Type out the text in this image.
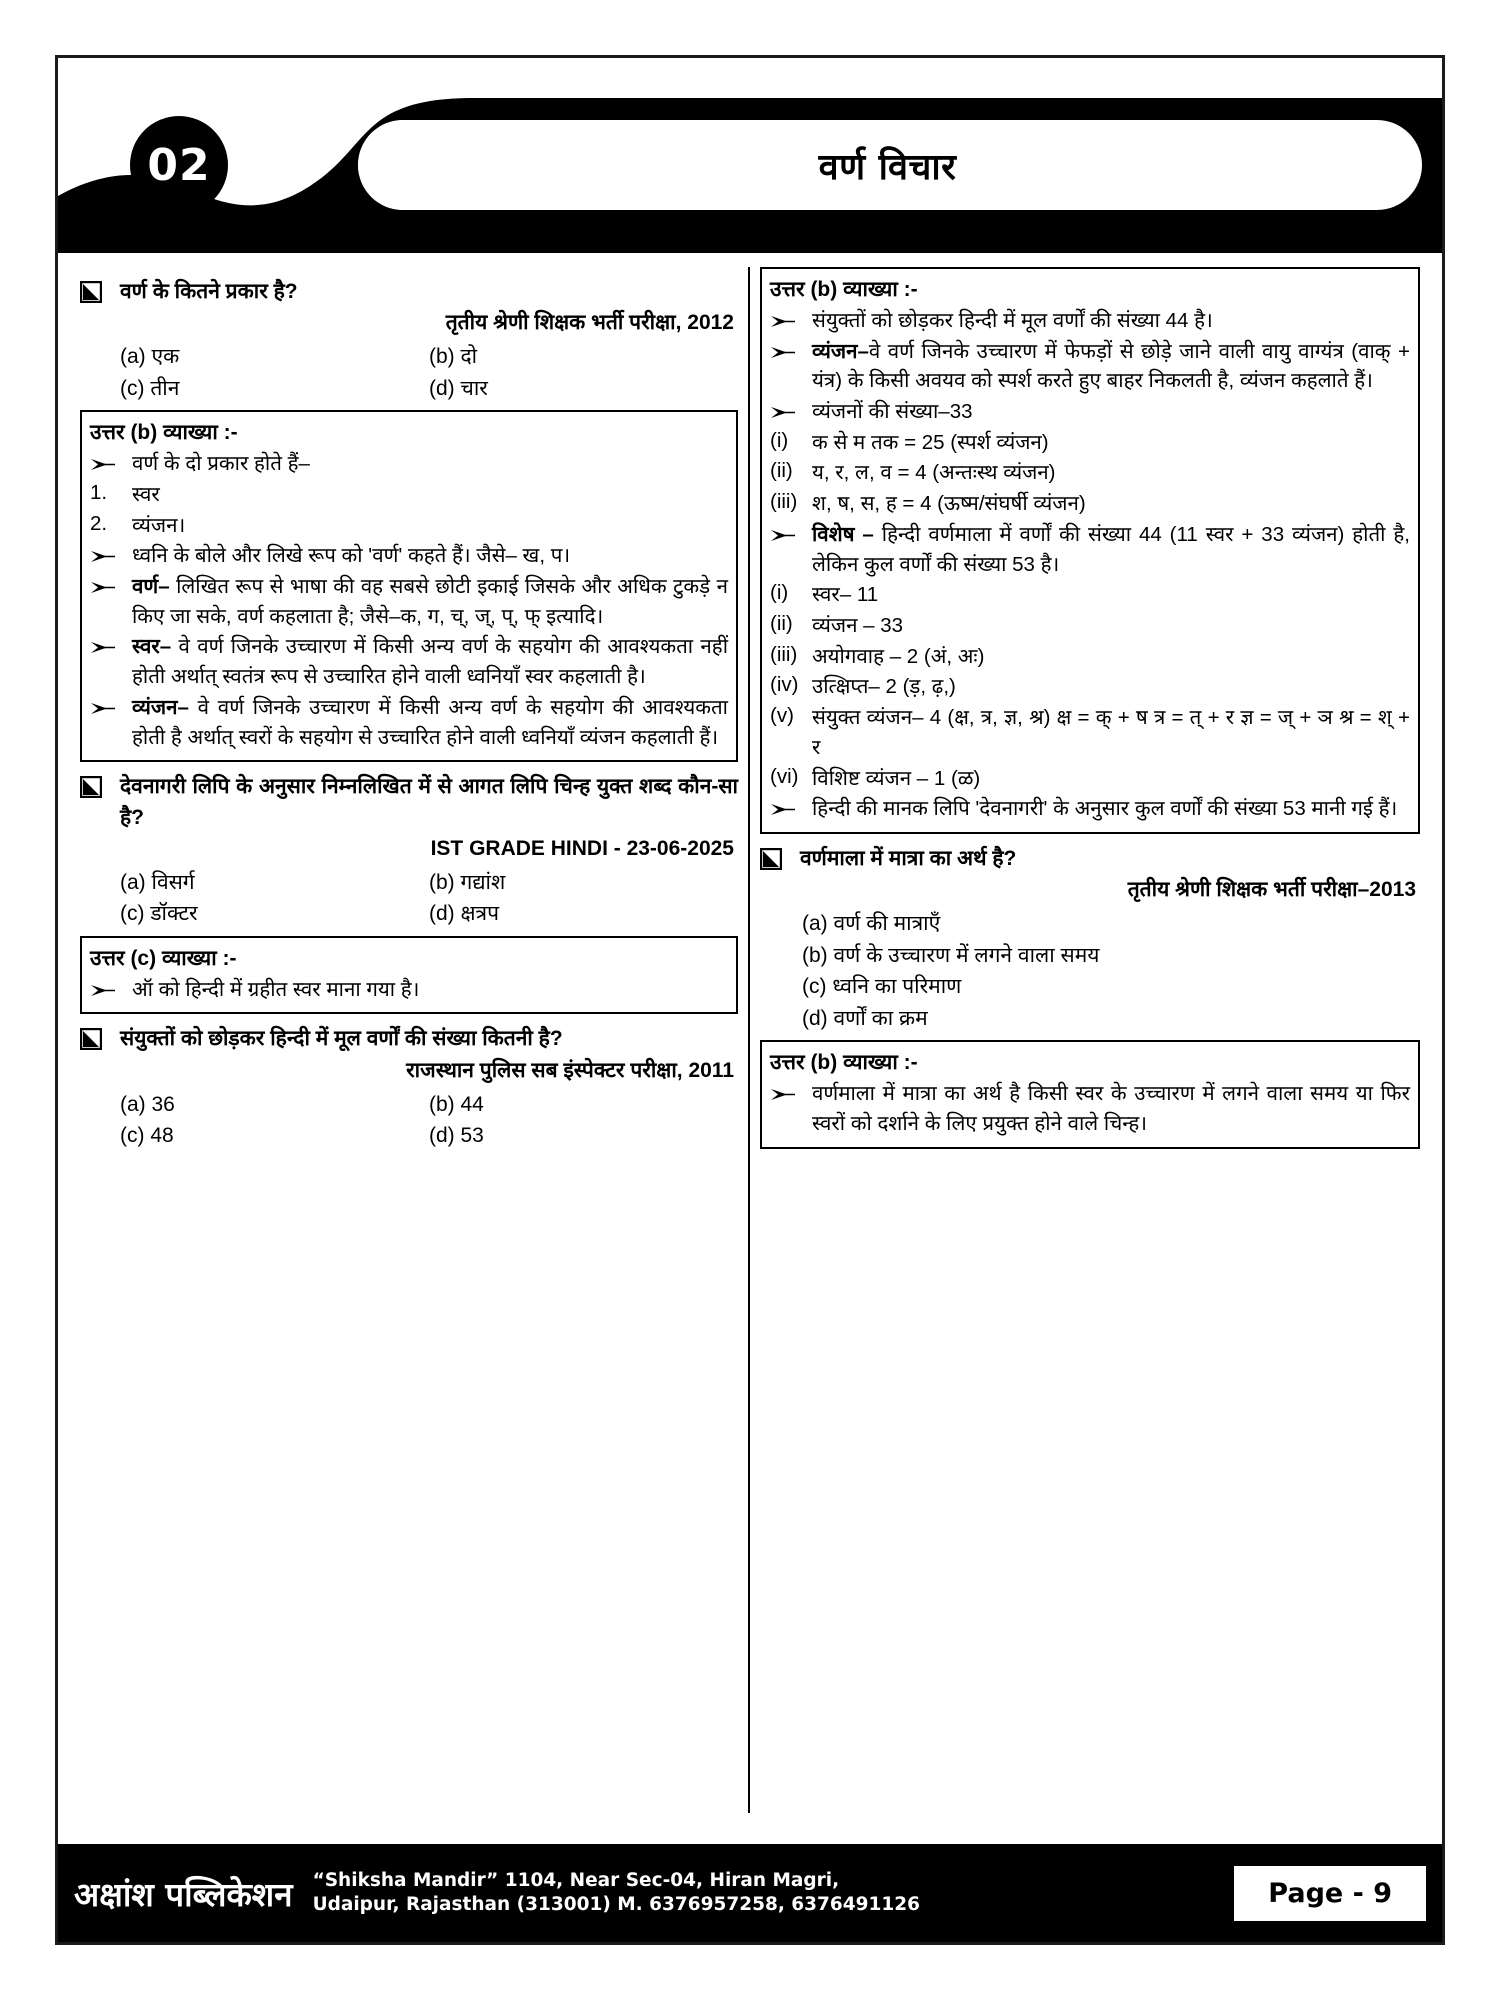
02	वर्ण विचार
वर्ण के कितने प्रकार है?
तृतीय श्रेणी शिक्षक भर्ती परीक्षा, 2012
(a) एक	(b) दो
(c) तीन	(d) चार
उत्तर (b) व्याख्या :-
वर्ण के दो प्रकार होते हैं–
1.	स्वर
2.	व्यंजन।
ध्वनि के बोले और लिखे रूप को 'वर्ण' कहते हैं। जैसे– ख, प।
वर्ण– लिखित रूप से भाषा की वह सबसे छोटी इकाई जिसके और अधिक टुकड़े न किए जा सके, वर्ण कहलाता है; जैसे–क, ग, च्, ज्, प्, फ् इत्यादि।
स्वर– वे वर्ण जिनके उच्चारण में किसी अन्य वर्ण के सहयोग की आवश्यकता नहीं होती अर्थात् स्वतंत्र रूप से उच्चारित होने वाली ध्वनियाँ स्वर कहलाती है।
व्यंजन– वे वर्ण जिनके उच्चारण में किसी अन्य वर्ण के सहयोग की आवश्यकता होती है अर्थात् स्वरों के सहयोग से उच्चारित होने वाली ध्वनियाँ व्यंजन कहलाती हैं।
देवनागरी लिपि के अनुसार निम्नलिखित में से आगत लिपि चिन्ह युक्त शब्द कौन-सा है?
IST GRADE HINDI - 23-06-2025
(a) विसर्ग	(b) गद्यांश
(c) डॉक्टर	(d) क्षत्रप
उत्तर (c) व्याख्या :-
ऑ को हिन्दी में ग्रहीत स्वर माना गया है।
संयुक्तों को छोड़कर हिन्दी में मूल वर्णों की संख्या कितनी है?
राजस्थान पुलिस सब इंस्पेक्टर परीक्षा, 2011
(a) 36	(b) 44
(c) 48	(d) 53
उत्तर (b) व्याख्या :-
संयुक्तों को छोड़कर हिन्दी में मूल वर्णों की संख्या 44 है।
व्यंजन–वे वर्ण जिनके उच्चारण में फेफड़ों से छोड़े जाने वाली वायु वाग्यंत्र (वाक् + यंत्र) के किसी अवयव को स्पर्श करते हुए बाहर निकलती है, व्यंजन कहलाते हैं।
व्यंजनों की संख्या–33
(i)	क से म तक = 25 (स्पर्श व्यंजन)
(ii) य, र, ल, व = 4 (अन्तःस्थ व्यंजन)
(iii) श, ष, स, ह = 4 (ऊष्म/संघर्षी व्यंजन)
विशेष – हिन्दी वर्णमाला में वर्णों की संख्या 44 (11 स्वर + 33 व्यंजन) होती है, लेकिन कुल वर्णों की संख्या 53 है।
(i)	स्वर– 11
(ii) व्यंजन – 33
(iii) अयोगवाह – 2 (अं, अः)
(iv) उत्क्षिप्त– 2 (ड़, ढ़,)
(v) संयुक्त व्यंजन– 4 (क्ष, त्र, ज्ञ, श्र) क्ष = क् + ष त्र = त् + र ज्ञ = ज् + ञ श्र = श् + र
(vi) विशिष्ट व्यंजन – 1 (ळ)
हिन्दी की मानक लिपि 'देवनागरी' के अनुसार कुल वर्णों की संख्या 53 मानी गई हैं।
वर्णमाला में मात्रा का अर्थ है?
तृतीय श्रेणी शिक्षक भर्ती परीक्षा–2013
(a) वर्ण की मात्राएँ
(b) वर्ण के उच्चारण में लगने वाला समय
(c) ध्वनि का परिमाण
(d) वर्णों का क्रम
उत्तर (b) व्याख्या :-
वर्णमाला में मात्रा का अर्थ है किसी स्वर के उच्चारण में लगने वाला समय या फिर स्वरों को दर्शाने के लिए प्रयुक्त होने वाले चिन्ह।
अक्षांश पब्लिकेशन	“Shiksha Mandir” 1104, Near Sec-04, Hiran Magri,
Udaipur, Rajasthan (313001) M. 6376957258, 6376491126	Page - 9
